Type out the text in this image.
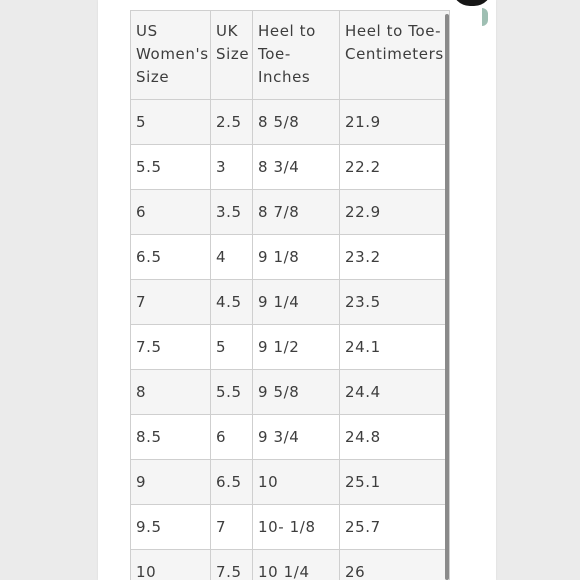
US Women's Size	UK Size	Heel to Toe-Inches	Heel to Toe-Centimeters
5	2.5	8 5/8	21.9
5.5	3	8 3/4	22.2
6	3.5	8 7/8	22.9
6.5	4	9 1/8	23.2
7	4.5	9 1/4	23.5
7.5	5	9 1/2	24.1
8	5.5	9 5/8	24.4
8.5	6	9 3/4	24.8
9	6.5	10	25.1
9.5	7	10- 1/8	25.7
10	7.5	10 1/4	26
